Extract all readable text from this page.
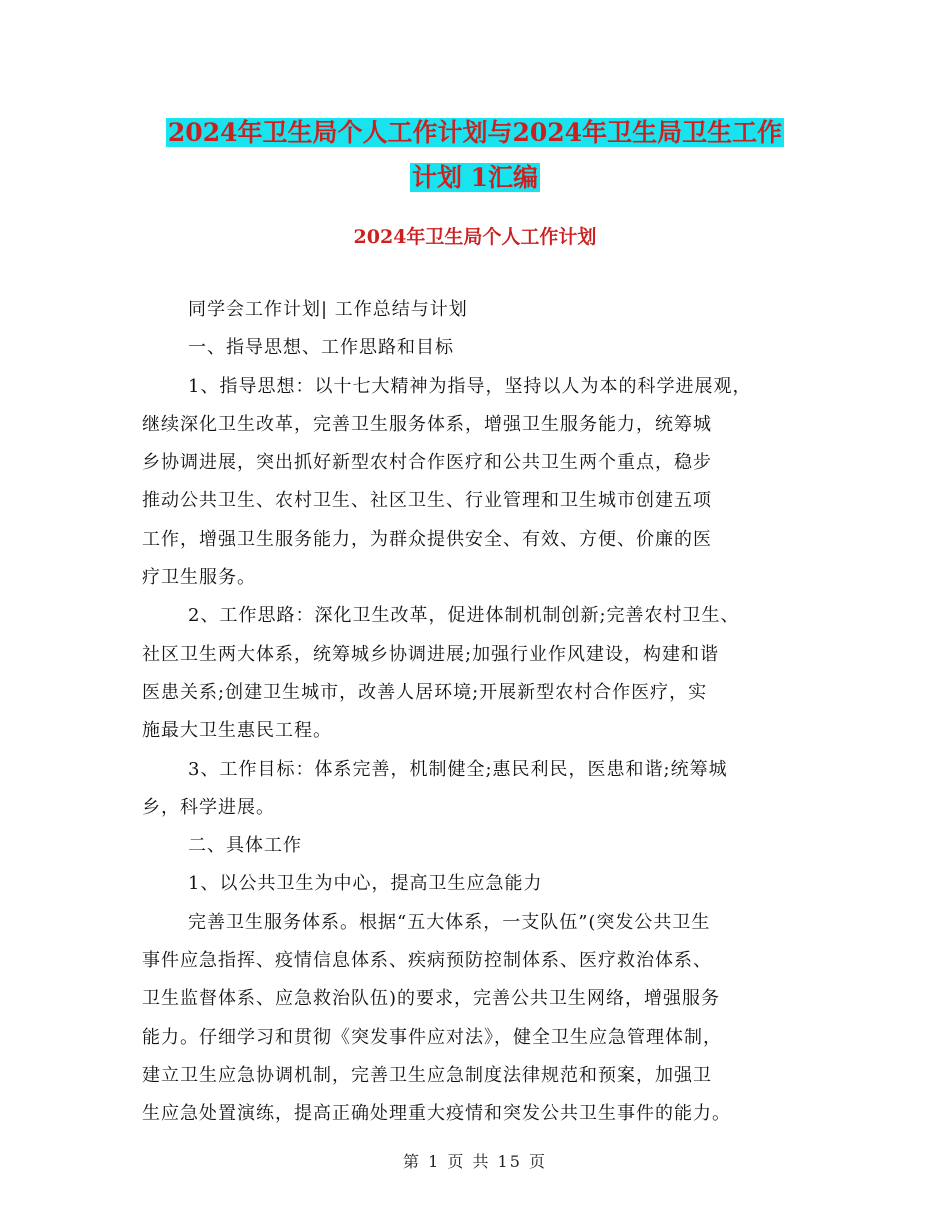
2024年卫生局个人工作计划与2024年卫生局卫生工作
计划 1汇编
2024年卫生局个人工作计划
同学会工作计划| 工作总结与计划
一、指导思想、工作思路和目标
1、指导思想：以十七大精神为指导，坚持以人为本的科学进展观，
继续深化卫生改革，完善卫生服务体系，增强卫生服务能力，统筹城
乡协调进展，突出抓好新型农村合作医疗和公共卫生两个重点，稳步
推动公共卫生、农村卫生、社区卫生、行业管理和卫生城市创建五项
工作，增强卫生服务能力，为群众提供安全、有效、方便、价廉的医
疗卫生服务。
2、工作思路：深化卫生改革，促进体制机制创新;完善农村卫生、
社区卫生两大体系，统筹城乡协调进展;加强行业作风建设，构建和谐
医患关系;创建卫生城市，改善人居环境;开展新型农村合作医疗，实
施最大卫生惠民工程。
3、工作目标：体系完善，机制健全;惠民利民，医患和谐;统筹城
乡，科学进展。
二、具体工作
1、以公共卫生为中心，提高卫生应急能力
完善卫生服务体系。根据“五大体系，一支队伍”(突发公共卫生
事件应急指挥、疫情信息体系、疾病预防控制体系、医疗救治体系、
卫生监督体系、应急救治队伍)的要求，完善公共卫生网络，增强服务
能力。仔细学习和贯彻《突发事件应对法》，健全卫生应急管理体制，
建立卫生应急协调机制，完善卫生应急制度法律规范和预案，加强卫
生应急处置演练，提高正确处理重大疫情和突发公共卫生事件的能力。
第 1 页 共 15 页
